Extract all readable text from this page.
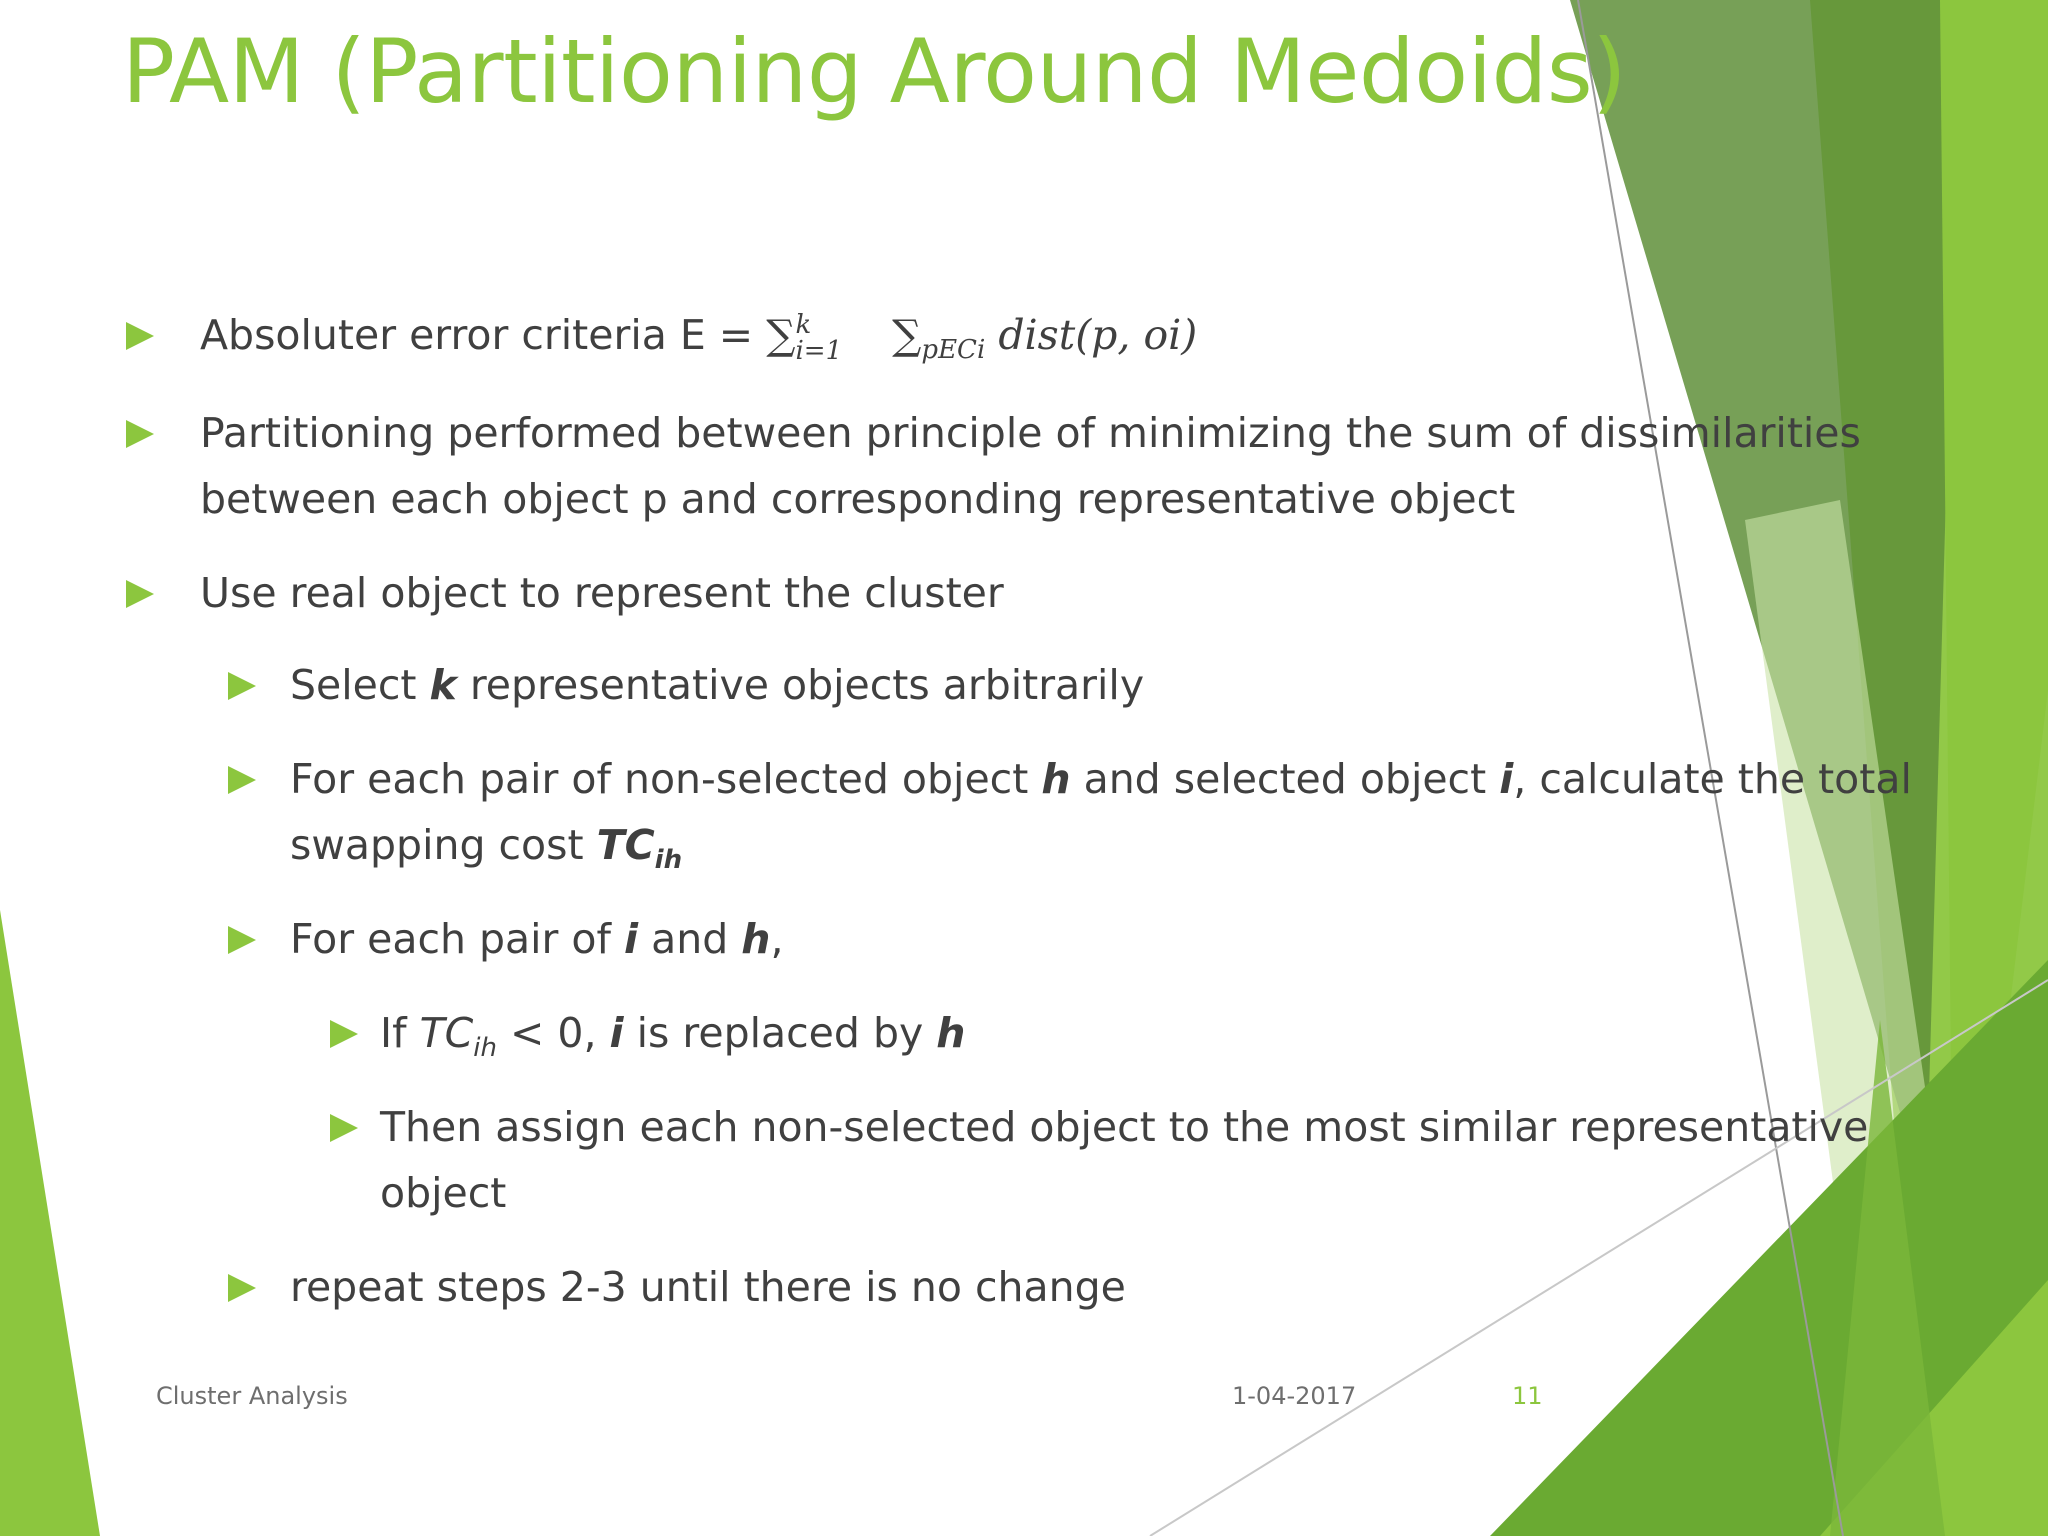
PAM (Partitioning Around Medoids)
Absoluter error criteria E = ∑ k
i=1 $\sum_{pECi}$ dist(p, oi)
Partitioning performed between principle of minimizing the sum of dissimilarities between each object p and corresponding representative object
Use real object to represent the cluster
Select k representative objects arbitrarily
For each pair of non-selected object h and selected object i, calculate the total swapping cost $TC_{ih}$
For each pair of i and h,
If $TC_{ih} < 0$, i is replaced by h
Then assign each non-selected object to the most similar representative object
repeat steps 2-3 until there is no change
Cluster Analysis	1-04-2017	11
